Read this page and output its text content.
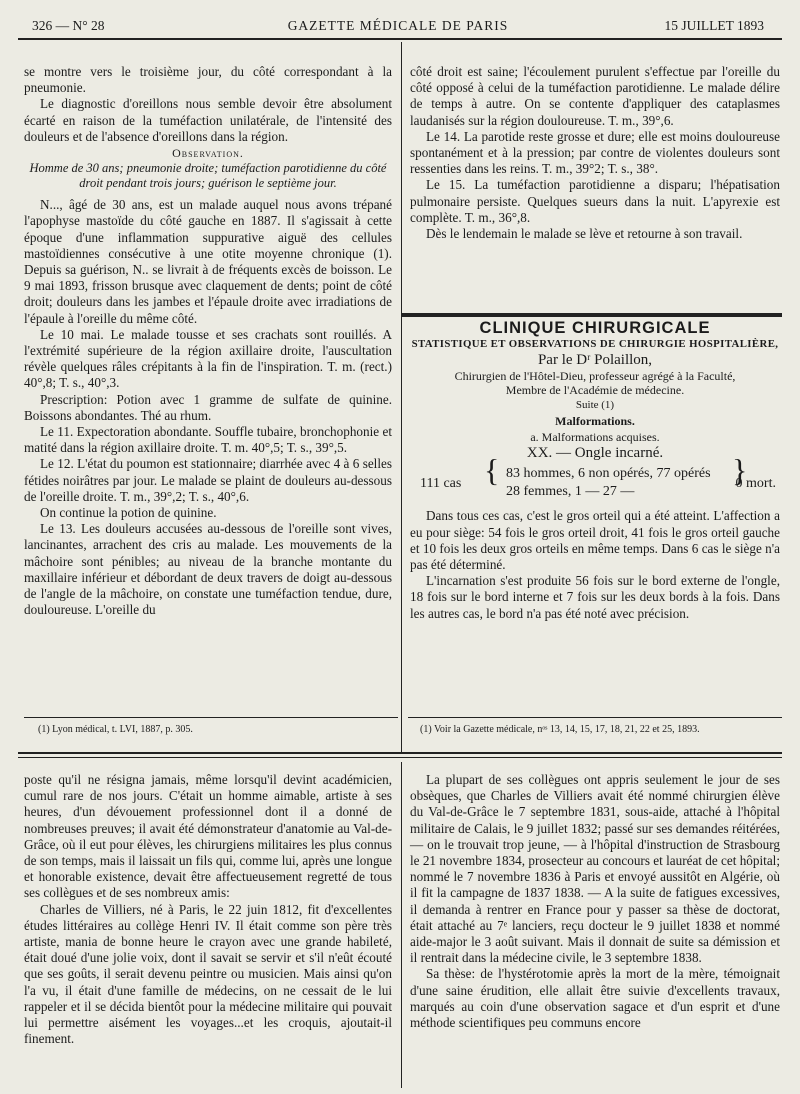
326 — N° 28	GAZETTE MÉDICALE DE PARIS	15 JUILLET 1893

se montre vers le troisième jour, du côté correspondant à la pneumonie.

Le diagnostic d'oreillons nous semble devoir être absolument écarté en raison de la tuméfaction unilatérale, de l'intensité des douleurs et de l'absence d'oreillons dans la région.

Observation.

Homme de 30 ans; pneumonie droite; tuméfaction parotidienne du côté droit pendant trois jours; guérison le septième jour.

N..., âgé de 30 ans, est un malade auquel nous avons trépané l'apophyse mastoïde du côté gauche en 1887. Il s'agissait à cette époque d'une inflammation suppurative aiguë des cellules mastoïdiennes consécutive à une otite moyenne chronique (1). Depuis sa guérison, N.. se livrait à de fréquents excès de boisson. Le 9 mai 1893, frisson brusque avec claquement de dents; point de côté droit; douleurs dans les jambes et l'épaule droite avec irradiations de l'épaule à l'oreille du même côté.

Le 10 mai. Le malade tousse et ses crachats sont rouillés. A l'extrémité supérieure de la région axillaire droite, l'auscultation révèle quelques râles crépitants à la fin de l'inspiration. T. m. (rect.) 40°,8; T. s., 40°,3.

Prescription: Potion avec 1 gramme de sulfate de quinine. Boissons abondantes. Thé au rhum.

Le 11. Expectoration abondante. Souffle tubaire, bronchophonie et matité dans la région axillaire droite. T. m. 40°,5; T. s., 39°,5.

Le 12. L'état du poumon est stationnaire; diarrhée avec 4 à 6 selles fétides noirâtres par jour. Le malade se plaint de douleurs au-dessous de l'oreille droite. T. m., 39°,2; T. s., 40°,6.

On continue la potion de quinine.

Le 13. Les douleurs accusées au-dessous de l'oreille sont vives, lancinantes, arrachent des cris au malade. Les mouvements de la mâchoire sont pénibles; au niveau de la branche montante du maxillaire inférieur et débordant de deux travers de doigt au-dessous de l'angle de la mâchoire, on constate une tuméfaction tendue, dure, douloureuse. L'oreille du

(1) Lyon médical, t. LVI, 1887, p. 305.

côté droit est saine; l'écoulement purulent s'effectue par l'oreille du côté opposé à celui de la tuméfaction parotidienne. Le malade délire de temps à autre. On se contente d'appliquer des cataplasmes laudanisés sur la région douloureuse. T. m., 39°,6.

Le 14. La parotide reste grosse et dure; elle est moins douloureuse spontanément et à la pression; par contre de violentes douleurs sont ressenties dans les reins. T. m., 39°2; T. s., 38°.

Le 15. La tuméfaction parotidienne a disparu; l'hépatisation pulmonaire persiste. Quelques sueurs dans la nuit. L'apyrexie est complète. T. m., 36°,8.

Dès le lendemain le malade se lève et retourne à son travail.

CLINIQUE CHIRURGICALE

STATISTIQUE ET OBSERVATIONS DE CHIRURGIE HOSPITALIÈRE,

Par le Dʳ Polaillon,

Chirurgien de l'Hôtel-Dieu, professeur agrégé à la Faculté,

Membre de l'Académie de médecine.

Suite (1)

Malformations.

a. Malformations acquises.

XX. — Ongle incarné.

111 cas { 83 hommes, 6 non opérés, 77 opérés
28 femmes, 1 — 27 —
}
0 mort.

Dans tous ces cas, c'est le gros orteil qui a été atteint. L'affection a eu pour siège: 54 fois le gros orteil droit, 41 fois le gros orteil gauche et 10 fois les deux gros orteils en même temps. Dans 6 cas le siège n'a pas été déterminé.

L'incarnation s'est produite 56 fois sur le bord externe de l'ongle, 18 fois sur le bord interne et 7 fois sur les deux bords à la fois. Dans les autres cas, le bord n'a pas été noté avec précision.

(1) Voir la Gazette médicale, nᵒˢ 13, 14, 15, 17, 18, 21, 22 et 25, 1893.

poste qu'il ne résigna jamais, même lorsqu'il devint académicien, cumul rare de nos jours. C'était un homme aimable, artiste à ses heures, d'un dévouement professionnel dont il a donné de nombreuses preuves; il avait été démonstrateur d'anatomie au Val-de-Grâce, où il eut pour élèves, les chirurgiens militaires les plus connus de son temps, mais il laissait un fils qui, comme lui, après une longue et honorable existence, devait être affectueusement regretté de tous ses collègues et de ses nombreux amis:

Charles de Villiers, né à Paris, le 22 juin 1812, fit d'excellentes études littéraires au collège Henri IV. Il était comme son père très artiste, mania de bonne heure le crayon avec une grande habileté, était doué d'une jolie voix, dont il savait se servir et s'il n'eût écouté que ses goûts, il serait devenu peintre ou musicien. Mais ainsi qu'on l'a vu, il était d'une famille de médecins, on ne cessait de le lui rappeler et il se décida bientôt pour la médecine militaire qui pouvait lui permettre aisément les voyages...et les croquis, ajoutait-il finement.

La plupart de ses collègues ont appris seulement le jour de ses obsèques, que Charles de Villiers avait été nommé chirurgien élève du Val-de-Grâce le 7 septembre 1831, sous-aide, attaché à l'hôpital militaire de Calais, le 9 juillet 1832; passé sur ses demandes réitérées, — on le trouvait trop jeune, — à l'hôpital d'instruction de Strasbourg le 21 novembre 1834, prosecteur au concours et lauréat de cet hôpital; nommé le 7 novembre 1836 à Paris et envoyé aussitôt en Algérie, où il fit la campagne de 1837 1838. — A la suite de fatigues excessives, il demanda à rentrer en France pour y passer sa thèse de doctorat, était attaché au 7ᵉ lanciers, reçu docteur le 9 juillet 1838 et nommé aide-major le 3 août suivant. Mais il donnait de suite sa démission et il rentrait dans la médecine civile, le 3 septembre 1838.

Sa thèse: de l'hystérotomie après la mort de la mère, témoignait d'une saine érudition, elle allait être suivie d'excellents travaux, marqués au coin d'une observation sagace et d'un esprit et d'une méthode scientifiques peu communs encore
